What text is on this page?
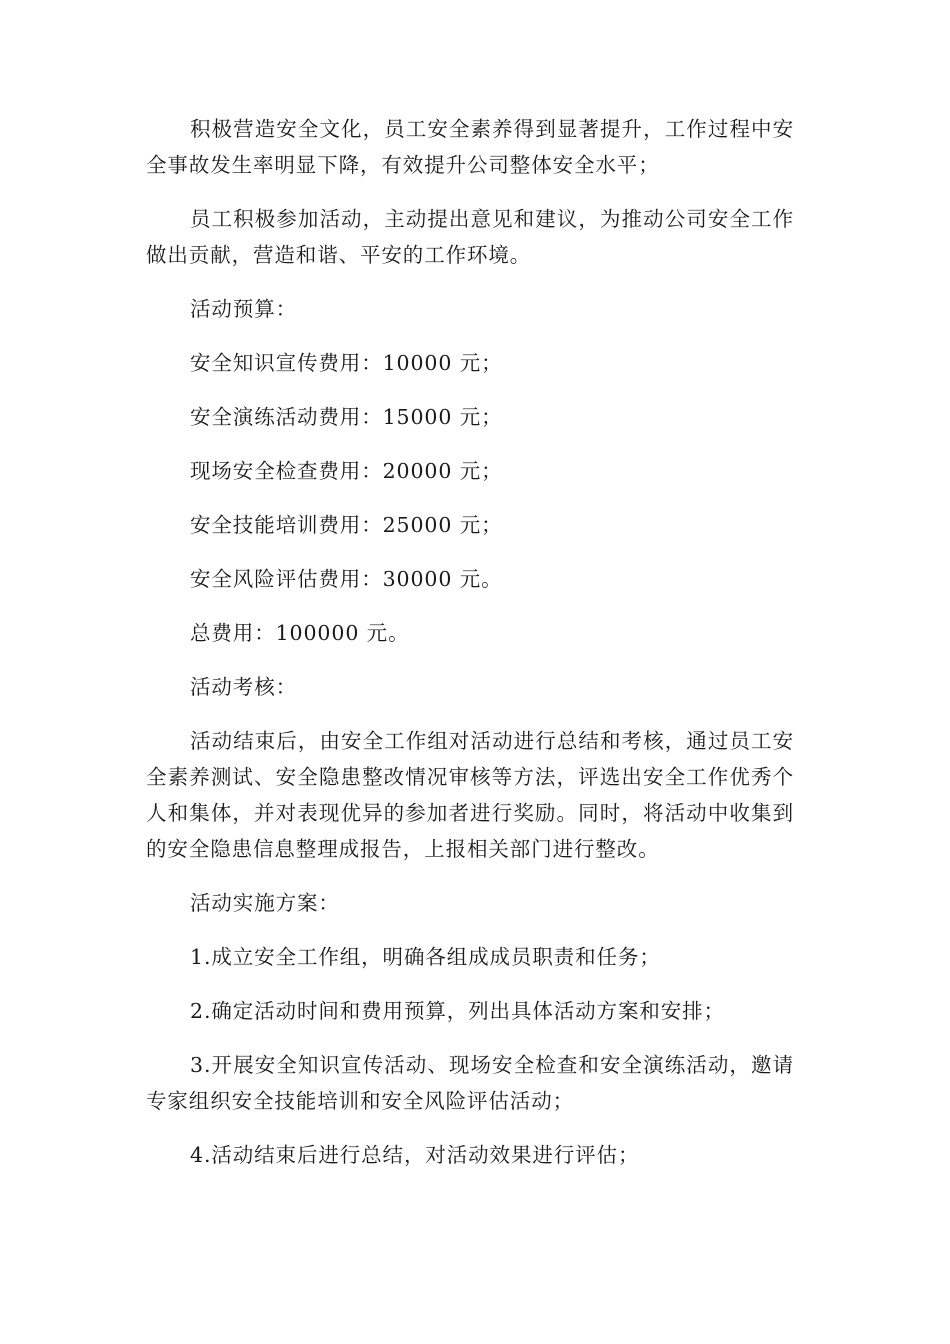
积极营造安全文化，员工安全素养得到显著提升，工作过程中安全事故发生率明显下降，有效提升公司整体安全水平；

员工积极参加活动，主动提出意见和建议，为推动公司安全工作做出贡献，营造和谐、平安的工作环境。

活动预算：

安全知识宣传费用：10000 元；

安全演练活动费用：15000 元；

现场安全检查费用：20000 元；

安全技能培训费用：25000 元；

安全风险评估费用：30000 元。

总费用：100000 元。

活动考核：

活动结束后，由安全工作组对活动进行总结和考核，通过员工安全素养测试、安全隐患整改情况审核等方法，评选出安全工作优秀个人和集体，并对表现优异的参加者进行奖励。同时，将活动中收集到的安全隐患信息整理成报告，上报相关部门进行整改。

活动实施方案：

1.成立安全工作组，明确各组成成员职责和任务；

2.确定活动时间和费用预算，列出具体活动方案和安排；

3.开展安全知识宣传活动、现场安全检查和安全演练活动，邀请专家组织安全技能培训和安全风险评估活动；

4.活动结束后进行总结，对活动效果进行评估；
